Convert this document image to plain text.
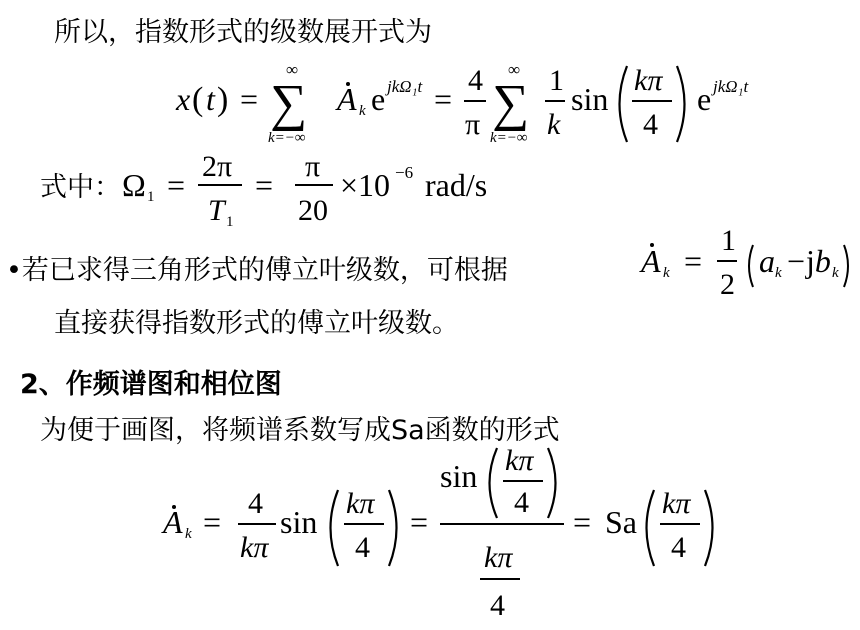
所以，指数形式的级数展开式为
x ( t ) =
∞
∑
k=−∞
A k e jkΩ₁t =
4
π
∞
∑
k=−∞
1
k
sin
kπ
4
e jkΩ₁t
式中： Ω 1 =
2π
T 1
=
π
20
×10 −6 rad/s
A k =
1
2
a k − jb k
A k =
4
kπ
sin
kπ
4
=
sin kπ
4
kπ
4
= Sa
kπ
4
•若已求得三角形式的傅立叶级数，可根据
直接获得指数形式的傅立叶级数。
2、作频谱图和相位图
为便于画图，将频谱系数写成Sa函数的形式
